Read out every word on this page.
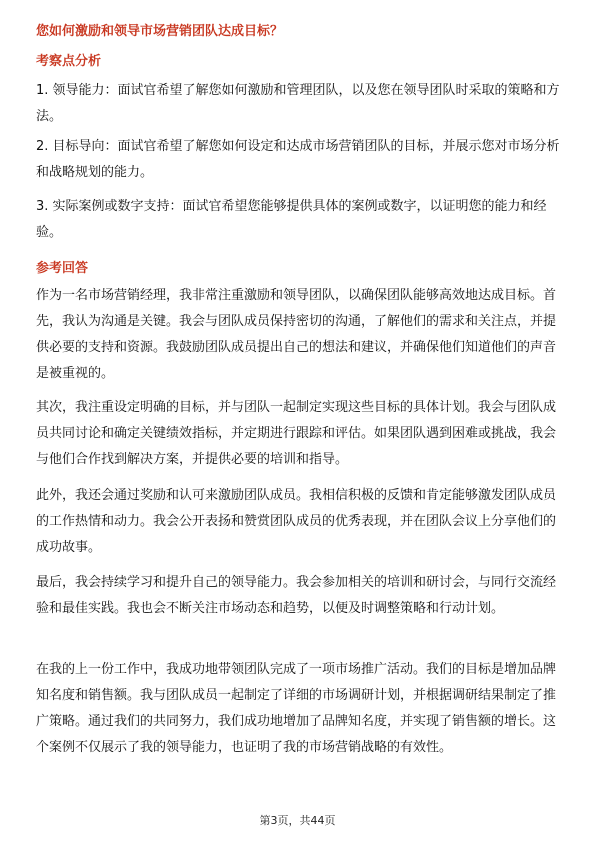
您如何激励和领导市场营销团队达成目标？

考察点分析

1. 领导能力：面试官希望了解您如何激励和管理团队，以及您在领导团队时采取的策略和方法。

2. 目标导向：面试官希望了解您如何设定和达成市场营销团队的目标，并展示您对市场分析和战略规划的能力。

3. 实际案例或数字支持：面试官希望您能够提供具体的案例或数字，以证明您的能力和经验。

参考回答

作为一名市场营销经理，我非常注重激励和领导团队，以确保团队能够高效地达成目标。首先，我认为沟通是关键。我会与团队成员保持密切的沟通，了解他们的需求和关注点，并提供必要的支持和资源。我鼓励团队成员提出自己的想法和建议，并确保他们知道他们的声音是被重视的。

其次，我注重设定明确的目标，并与团队一起制定实现这些目标的具体计划。我会与团队成员共同讨论和确定关键绩效指标，并定期进行跟踪和评估。如果团队遇到困难或挑战，我会与他们合作找到解决方案，并提供必要的培训和指导。

此外，我还会通过奖励和认可来激励团队成员。我相信积极的反馈和肯定能够激发团队成员的工作热情和动力。我会公开表扬和赞赏团队成员的优秀表现，并在团队会议上分享他们的成功故事。

最后，我会持续学习和提升自己的领导能力。我会参加相关的培训和研讨会，与同行交流经验和最佳实践。我也会不断关注市场动态和趋势，以便及时调整策略和行动计划。

在我的上一份工作中，我成功地带领团队完成了一项市场推广活动。我们的目标是增加品牌知名度和销售额。我与团队成员一起制定了详细的市场调研计划，并根据调研结果制定了推广策略。通过我们的共同努力，我们成功地增加了品牌知名度，并实现了销售额的增长。这个案例不仅展示了我的领导能力，也证明了我的市场营销战略的有效性。

第3页，共44页
